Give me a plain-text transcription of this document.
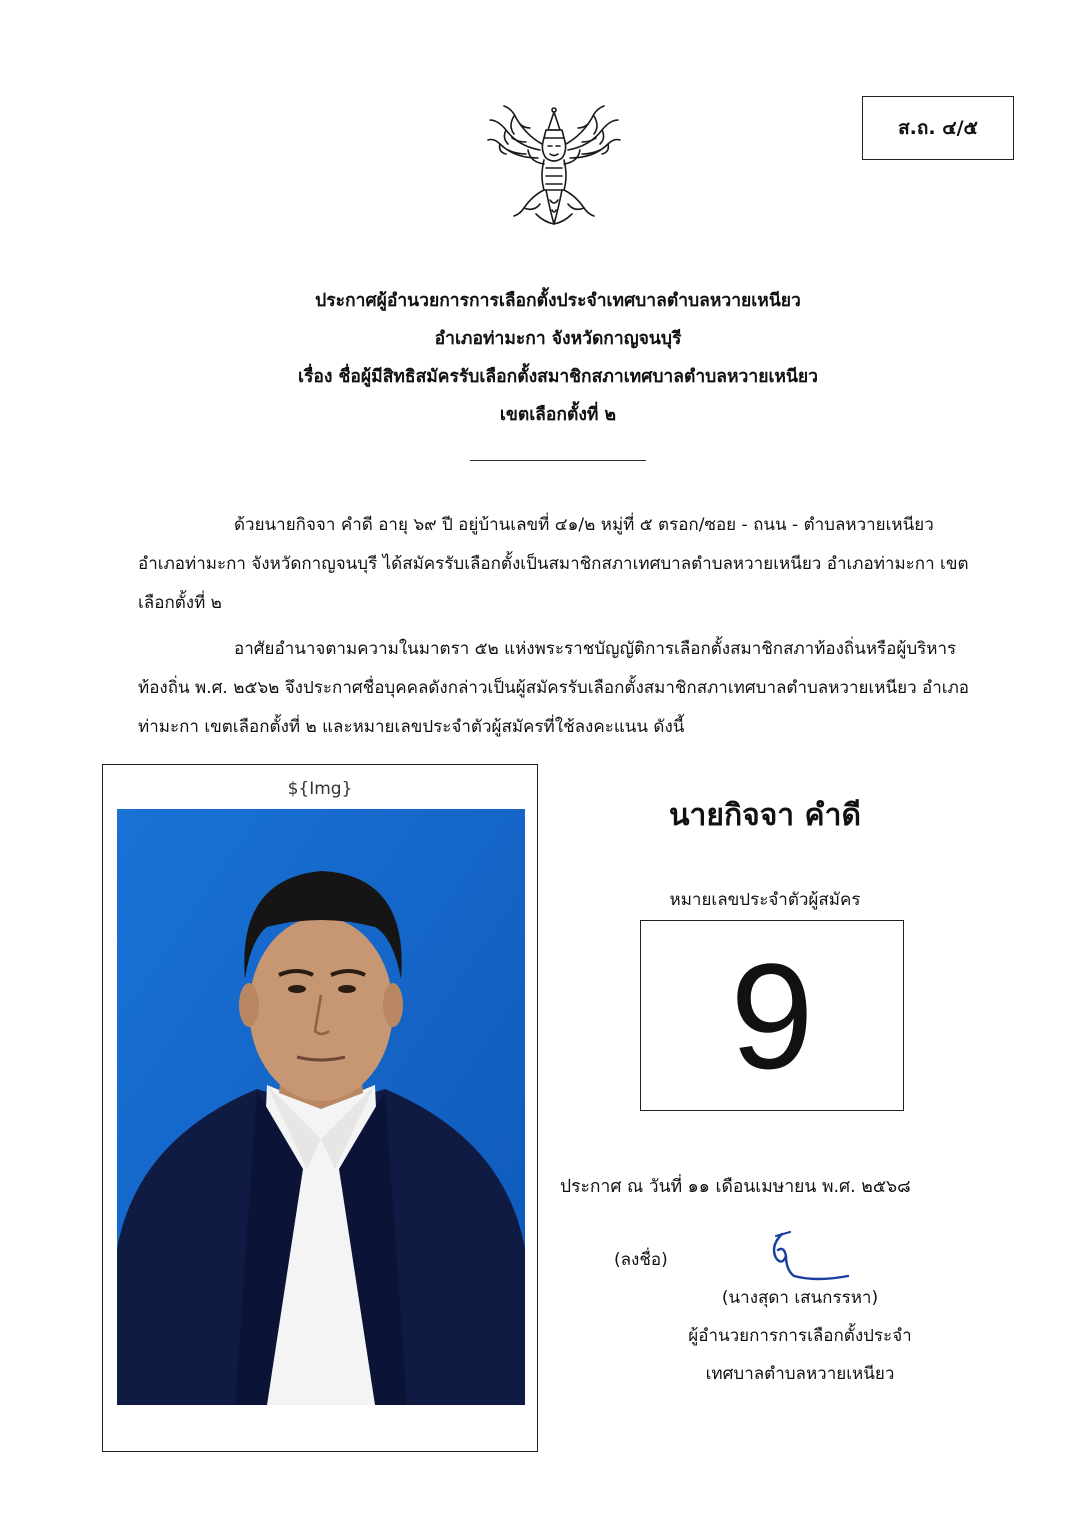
ส.ถ. ๔/๕
ประกาศผู้อำนวยการการเลือกตั้งประจำเทศบาลตำบลหวายเหนียว
อำเภอท่ามะกา จังหวัดกาญจนบุรี
เรื่อง ชื่อผู้มีสิทธิสมัครรับเลือกตั้งสมาชิกสภาเทศบาลตำบลหวายเหนียว
เขตเลือกตั้งที่ ๒

ด้วยนายกิจจา คำดี อายุ ๖๙ ปี อยู่บ้านเลขที่ ๔๑/๒ หมู่ที่ ๕ ตรอก/ซอย - ถนน - ตำบลหวายเหนียว อำเภอท่ามะกา จังหวัดกาญจนบุรี ได้สมัครรับเลือกตั้งเป็นสมาชิกสภาเทศบาลตำบลหวายเหนียว อำเภอท่ามะกา เขตเลือกตั้งที่ ๒

อาศัยอำนาจตามความในมาตรา ๕๒ แห่งพระราชบัญญัติการเลือกตั้งสมาชิกสภาท้องถิ่นหรือผู้บริหารท้องถิ่น พ.ศ. ๒๕๖๒ จึงประกาศชื่อบุคคลดังกล่าวเป็นผู้สมัครรับเลือกตั้งสมาชิกสภาเทศบาลตำบลหวายเหนียว อำเภอท่ามะกา เขตเลือกตั้งที่ ๒ และหมายเลขประจำตัวผู้สมัครที่ใช้ลงคะแนน ดังนี้

${Img}
นายกิจจา คำดี
หมายเลขประจำตัวผู้สมัคร
9
ประกาศ ณ วันที่ ๑๑ เดือนเมษายน พ.ศ. ๒๕๖๘
(ลงชื่อ)
(นางสุดา เสนกรรหา)
ผู้อำนวยการการเลือกตั้งประจำ
เทศบาลตำบลหวายเหนียว
